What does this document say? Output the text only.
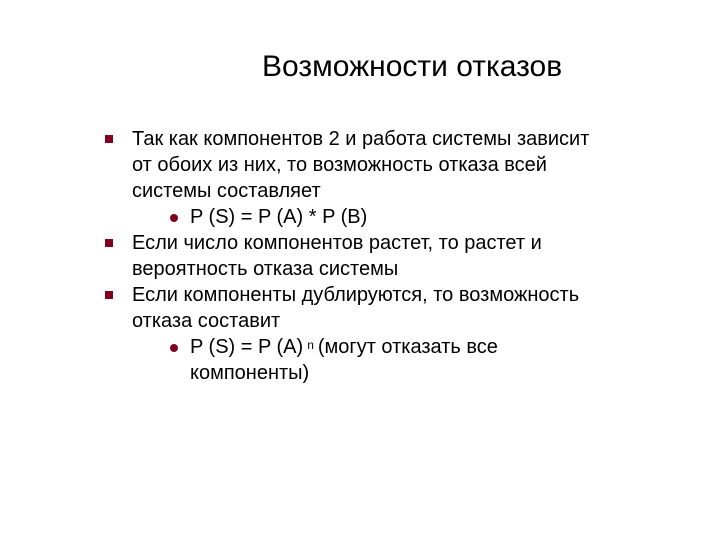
Возможности отказов
Так как компонентов 2 и работа системы зависит
от обоих из них, то возможность отказа всей
системы составляет
P (S) = P (A) * P (B)
Если число компонентов растет, то растет и
вероятность отказа системы
Если компоненты дублируются, то возможность
отказа составит
P (S) = P (A) $^n$ (могут отказать все
компоненты)
